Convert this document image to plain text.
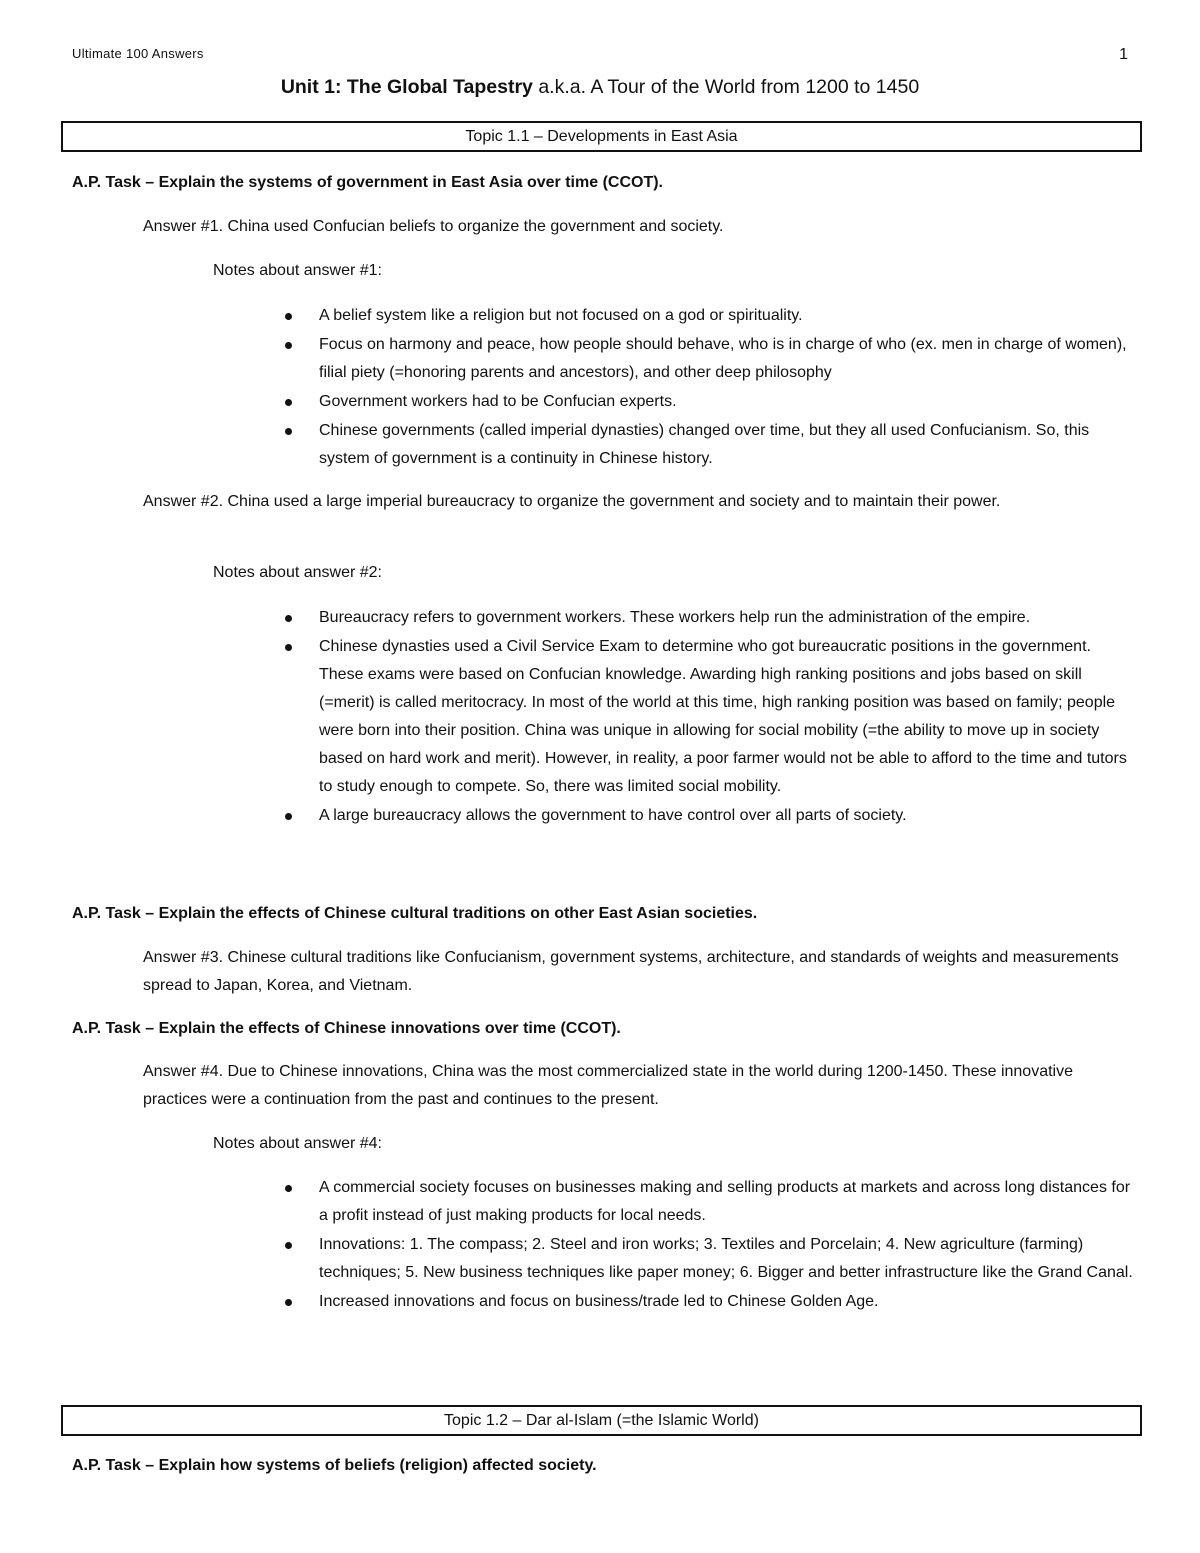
Ultimate 100 Answers	1
Unit 1: The Global Tapestry a.k.a. A Tour of the World from 1200 to 1450
Topic 1.1 – Developments in East Asia
A.P. Task – Explain the systems of government in East Asia over time (CCOT).
Answer #1. China used Confucian beliefs to organize the government and society.
Notes about answer #1:
A belief system like a religion but not focused on a god or spirituality.
Focus on harmony and peace, how people should behave, who is in charge of who (ex. men in charge of women), filial piety (=honoring parents and ancestors), and other deep philosophy
Government workers had to be Confucian experts.
Chinese governments (called imperial dynasties) changed over time, but they all used Confucianism. So, this system of government is a continuity in Chinese history.
Answer #2. China used a large imperial bureaucracy to organize the government and society and to maintain their power.
Notes about answer #2:
Bureaucracy refers to government workers. These workers help run the administration of the empire.
Chinese dynasties used a Civil Service Exam to determine who got bureaucratic positions in the government. These exams were based on Confucian knowledge. Awarding high ranking positions and jobs based on skill (=merit) is called meritocracy. In most of the world at this time, high ranking position was based on family; people were born into their position. China was unique in allowing for social mobility (=the ability to move up in society based on hard work and merit). However, in reality, a poor farmer would not be able to afford to the time and tutors to study enough to compete. So, there was limited social mobility.
A large bureaucracy allows the government to have control over all parts of society.
A.P. Task – Explain the effects of Chinese cultural traditions on other East Asian societies.
Answer #3. Chinese cultural traditions like Confucianism, government systems, architecture, and standards of weights and measurements spread to Japan, Korea, and Vietnam.
A.P. Task – Explain the effects of Chinese innovations over time (CCOT).
Answer #4. Due to Chinese innovations, China was the most commercialized state in the world during 1200-1450. These innovative practices were a continuation from the past and continues to the present.
Notes about answer #4:
A commercial society focuses on businesses making and selling products at markets and across long distances for a profit instead of just making products for local needs.
Innovations: 1. The compass; 2. Steel and iron works; 3. Textiles and Porcelain; 4. New agriculture (farming) techniques; 5. New business techniques like paper money; 6. Bigger and better infrastructure like the Grand Canal.
Increased innovations and focus on business/trade led to Chinese Golden Age.
Topic 1.2 – Dar al-Islam (=the Islamic World)
A.P. Task – Explain how systems of beliefs (religion) affected society.
